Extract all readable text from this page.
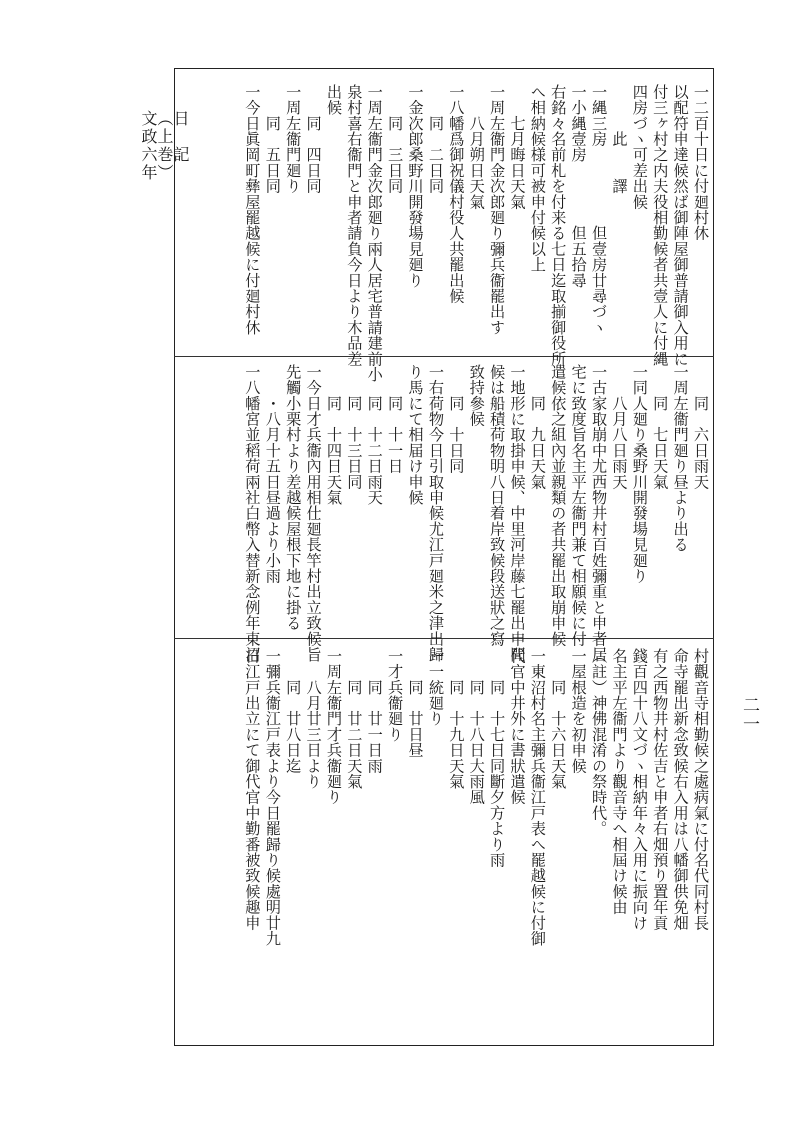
日　記
（上巻）
文政六年	一二百十日に付廻村休
以配符申達候然ば御陣屋御普請御入用に
付三ヶ村之内夫役相勤候者共壹人に付縄
四房づヽ可差出候
　　　此　　譯
一縄三房　　　　　但壹房廿尋づヽ
一小縄壹房　　　　但五拾尋
右銘々名前札を付来る七日迄取揃御役所
へ相納候様可被申付候以上
　　七月晦日天氣
一周左衞門金次郎廻り彌兵衞罷出す
　　八月朔日天氣
一八幡爲御祝儀村役人共罷出候
　　同　二日同
一金次郎桑野川開發場見廻り
　　同　三日同
一周左衞門金次郎廻り兩人居宅普請建前小
泉村喜右衞門と申者請負今日より木品差
出候
　　同　四日同
一周左衞門廻り
　　同　五日同
一今日眞岡町彝屋罷越候に付廻村休
　　同　六日雨天
一周左衞門廻り昼より出る
　　同　七日天氣
一同人廻り桑野川開發場見廻り
　　八月八日雨天
一古家取崩中尤西物井村百姓彌重と申者居
宅に致度旨名主平左衞門兼て相願候に付
遣候依之組內並親類の者共罷出取崩申候
　　同　九日天氣
一地形に取掛申候、中里河岸藤七罷出申聞
候は船積荷物明八日着岸致候段送狀之寫
致持參候
　　同　十日同
一右荷物今日引取申候尤江戸廻米之津出歸
り馬にて相届け申候
　　同　十一日
　　同　十二日雨天
　　同　十三日同
　　同　十四日天氣
一今日才兵衞內用相仕廻長竿村出立致候旨
先觸小栗村より差越候屋根下地に掛る
　　・八月十五日昼過より小雨
一八幡宮並稻荷兩社白幣入替新念例年東沼
村觀音寺相勤候之處病氣に付名代同村長
命寺罷出新念致候右入用は八幡御供免畑
有之西物井村佐吉と申者右畑預り置年貢
錢百四十八文づヽ相納年々入用に振向け
名主平左衞門より觀音寺へ相屆け候由
（註）神佛混淆の祭時代。
一屋根造を初申候
　　同　十六日天氣
一東沼村名主彌兵衞江戸表へ罷越候に付御
代官中井外に書狀遣候
　　同　十七日同斷夕方より雨
　　同　十八日大雨風
　　同　十九日天氣
一一統廻り
　　同　廿日昼
一才兵衞廻り
　　同　廿一日雨
　　同　廿二日天氣
一周左衞門才兵衞廻り
　　八月廿三日より
　　同　廿八日迄
一彌兵衞江戸表より今日罷歸り候處明廿九
日江戸出立にて御代官中勤番被致候趣申	二一
